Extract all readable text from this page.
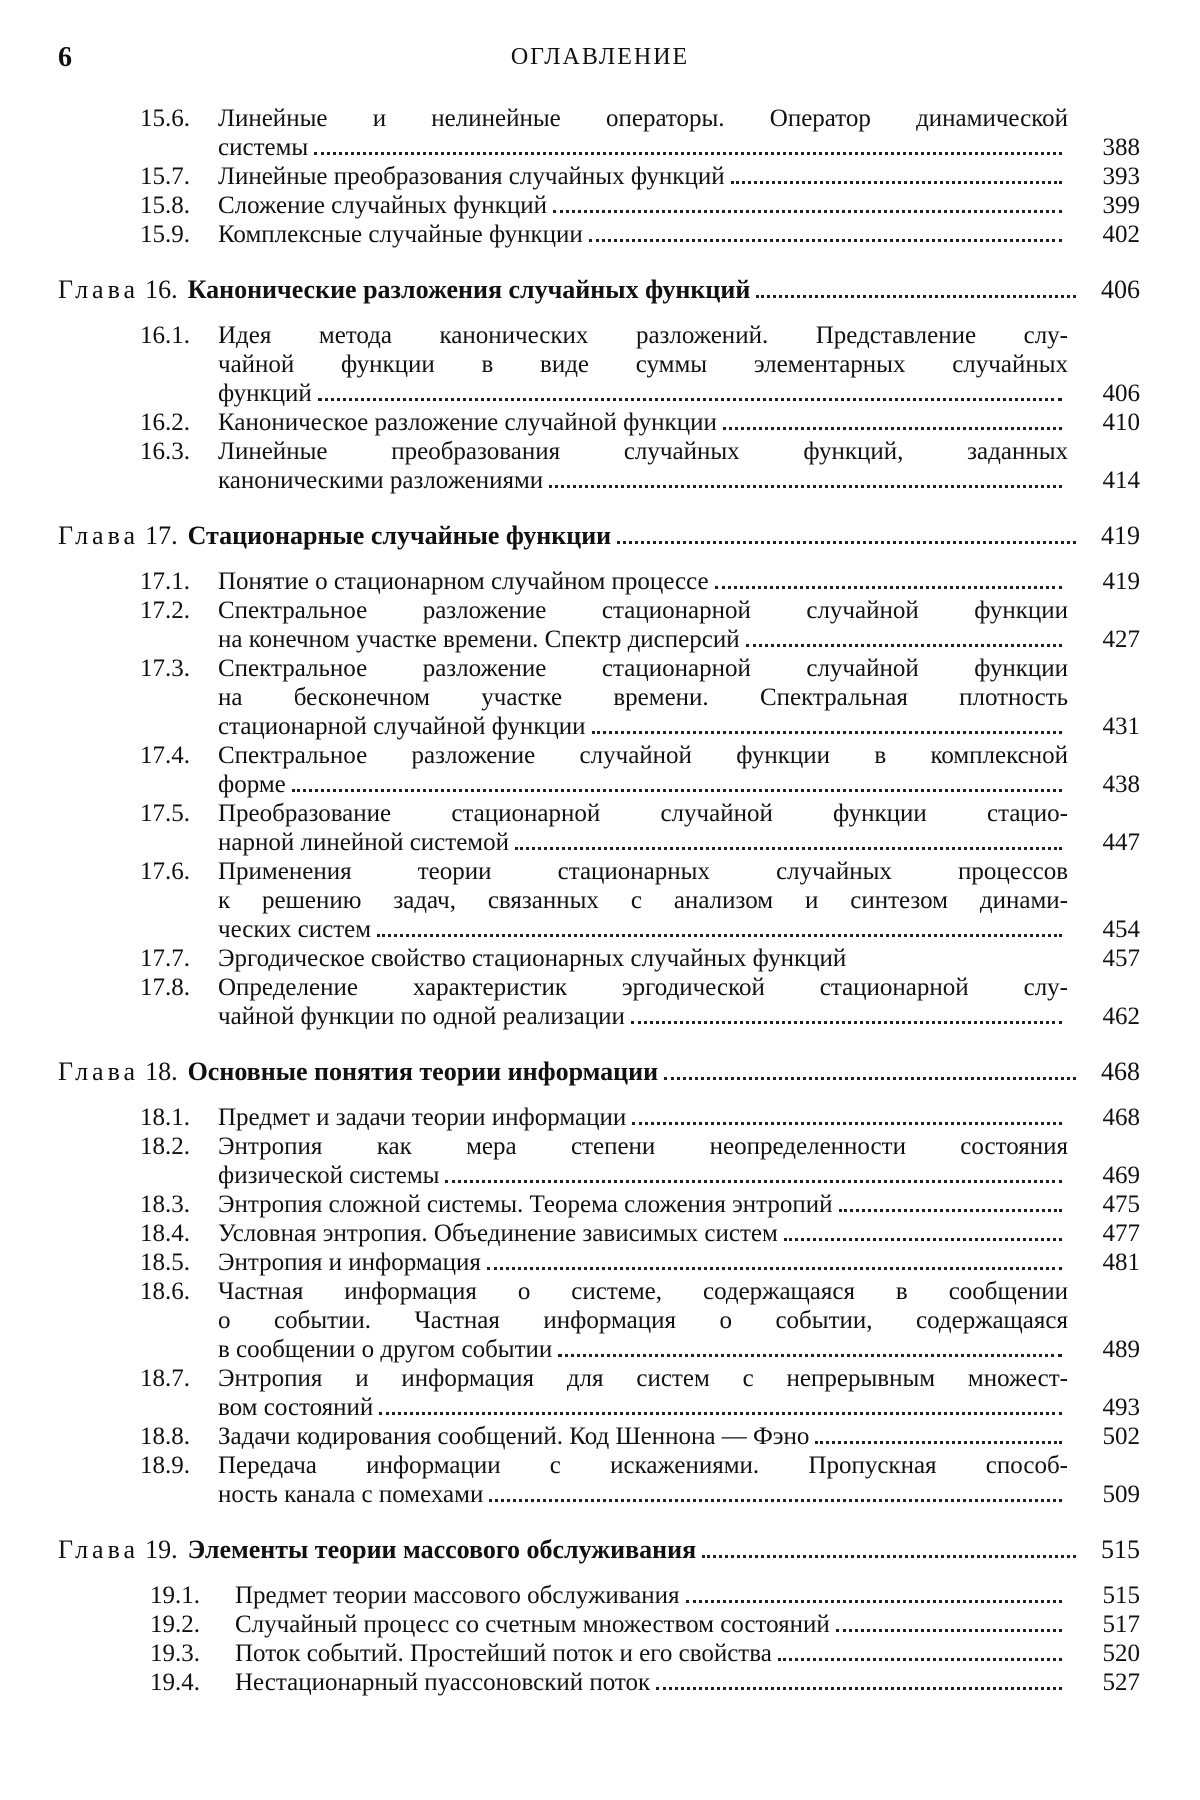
6	ОГЛАВЛЕНИЕ
15.6.	Линейные и нелинейные операторы. Оператор динамической
системы	388
15.7.	Линейные преобразования случайных функций	393
15.8.	Сложение случайных функций	399
15.9.	Комплексные случайные функции	402
Глава 16. Канонические разложения случайных функций	406
16.1.	Идея метода канонических разложений. Представление слу-
чайной функции в виде суммы элементарных случайных
функций	406
16.2.	Каноническое разложение случайной функции	410
16.3.	Линейные преобразования случайных функций, заданных
каноническими разложениями	414
Глава 17. Стационарные случайные функции	419
17.1.	Понятие о стационарном случайном процессе	419
17.2.	Спектральное разложение стационарной случайной функции
на конечном участке времени. Спектр дисперсий	427
17.3.	Спектральное разложение стационарной случайной функции
на бесконечном участке времени. Спектральная плотность
стационарной случайной функции	431
17.4.	Спектральное разложение случайной функции в комплексной
форме	438
17.5.	Преобразование стационарной случайной функции стацио-
нарной линейной системой	447
17.6.	Применения теории стационарных случайных процессов
к решению задач, связанных с анализом и синтезом динами-
ческих систем	454
17.7.	Эргодическое свойство стационарных случайных функций	457
17.8.	Определение характеристик эргодической стационарной слу-
чайной функции по одной реализации	462
Глава 18. Основные понятия теории информации	468
18.1.	Предмет и задачи теории информации	468
18.2.	Энтропия как мера степени неопределенности состояния
физической системы	469
18.3.	Энтропия сложной системы. Теорема сложения энтропий	475
18.4.	Условная энтропия. Объединение зависимых систем	477
18.5.	Энтропия и информация	481
18.6.	Частная информация о системе, содержащаяся в сообщении
о событии. Частная информация о событии, содержащаяся
в сообщении о другом событии	489
18.7.	Энтропия и информация для систем с непрерывным множест-
вом состояний	493
18.8.	Задачи кодирования сообщений. Код Шеннона — Фэно	502
18.9.	Передача информации с искажениями. Пропускная способ-
ность канала с помехами	509
Глава 19. Элементы теории массового обслуживания	515
19.1.	Предмет теории массового обслуживания	515
19.2.	Случайный процесс со счетным множеством состояний	517
19.3.	Поток событий. Простейший поток и его свойства	520
19.4.	Нестационарный пуассоновский поток	527
